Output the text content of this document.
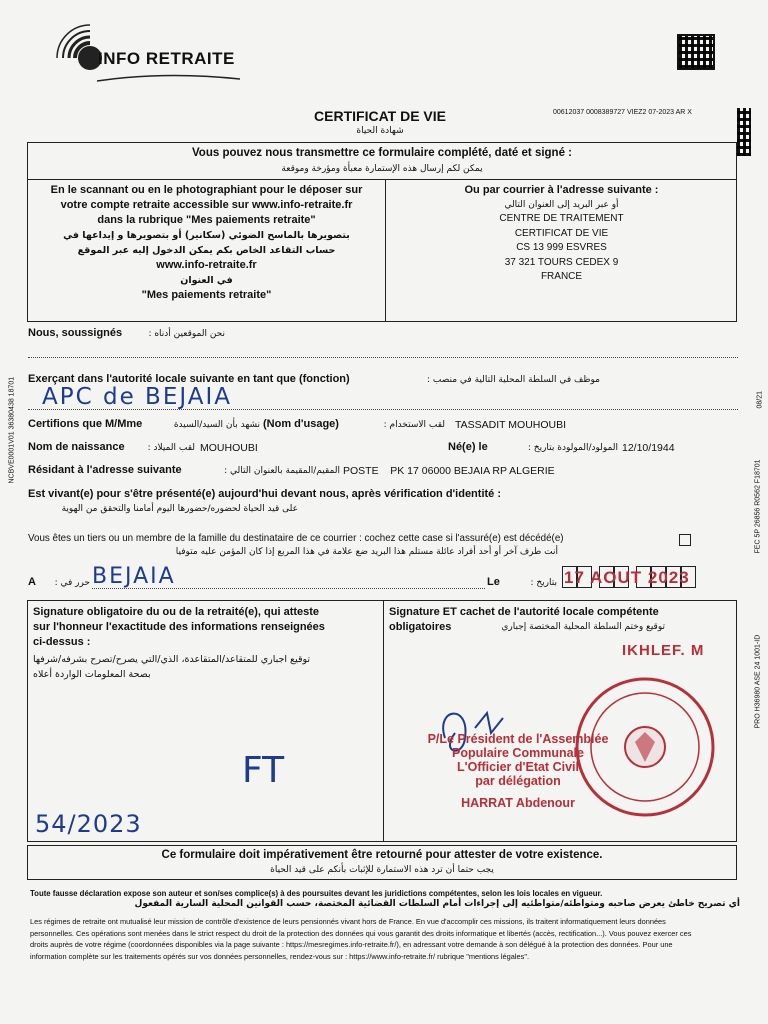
INFO RETRAITE
NCBVE0001V01 36380438 18701
FEC 5P 26856 R0562 F18701
PRO H36980 ASE 24 1001-ID
08/21
CERTIFICAT DE VIE
شهادة الحياة
00612037 0008389727 VIEZ2 07-2023 AR X
Vous pouvez nous transmettre ce formulaire complété, daté et signé :
يمكن لكم إرسال هذه الإستمارة معبأة ومؤرخة وموقعة
En le scannant ou en le photographiant pour le déposer sur
votre compte retraite accessible sur www.info-retraite.fr
dans la rubrique "Mes paiements retraite"
بتصويرها بالماسح الضوئي (سكانير) أو بتصويرها و إيداعها في
حساب التقاعد الخاص بكم يمكن الدخول إليه عبر الموقع
www.info-retraite.fr
في العنوان
"Mes paiements retraite"
Ou par courrier à l'adresse suivante :
أو عبر البريد إلى العنوان التالي
CENTRE DE TRAITEMENT
CERTIFICAT DE VIE
CS 13 999 ESVRES
37 321 TOURS CEDEX 9
FRANCE
Nous, soussignés	نحن الموقعين أدناه :
Exerçant dans l'autorité locale suivante en tant que (fonction)	موظف في السلطة المحلية التالية في منصب :
APC de BEJAIA
Certifions que M/Mme	نشهد بأن السيد/السيدة (Nom d'usage)	لقب الاستخدام : TASSADIT MOUHOUBI
Nom de naissance	لقب الميلاد : MOUHOUBI	Né(e) le	المولود/المولودة بتاريخ : 12/10/1944
Résidant à l'adresse suivante	المقيم/المقيمة بالعنوان التالي : POSTE    PK 17 06000 BEJAIA RP ALGERIE
Est vivant(e) pour s'être présenté(e) aujourd'hui devant nous, après vérification d'identité :
على قيد الحياة لحضوره/حضورها اليوم أمامنا والتحقق من الهوية
Vous êtes un tiers ou un membre de la famille du destinataire de ce courrier : cochez cette case si l'assuré(e) est décédé(e)
أنت طرف آخر أو أحد أفراد عائلة مستلم هذا البريد ضع علامة في هذا المربع إذا كان المؤمن عليه متوفيا
A	حرر في : BEJAIA	Le	بتاريخ : 17 AOUT 2023
Signature obligatoire du ou de la retraité(e), qui atteste
sur l'honneur l'exactitude des informations renseignées
ci-dessus :
توقيع اجباري للمتقاعد/المتقاعدة، الذي/التي يصرح/تصرح بشرفه/شرفها
بصحة المعلومات الواردة أعلاه
FT
54/2023
Signature ET cachet de l'autorité locale compétente
obligatoires	توقيع وختم السلطة المحلية المختصة إجباري
IKHLEF. M
P/Le Président de l'Assemblée
Populaire Communale
L'Officier d'Etat Civil
par délégation
HARRAT Abdenour
Ce formulaire doit impérativement être retourné pour attester de votre existence.
يجب حتما أن ترد هذه الاستمارة للإثبات بأنكم على قيد الحياة
Toute fausse déclaration expose son auteur et son/ses complice(s) à des poursuites devant les juridictions compétentes, selon les lois locales en vigueur.
أي تصريح خاطئ يعرض صاحبه ومتواطئه/متواطئيه إلى إجراءات أمام السلطات القضائية المختصة، حسب القوانين المحلية السارية المفعول
Les régimes de retraite ont mutualisé leur mission de contrôle d'existence de leurs pensionnés vivant hors de France. En vue d'accomplir ces missions, ils traitent informatiquement leurs données
personnelles. Ces opérations sont menées dans le strict respect du droit de la protection des données qui vous garantit des droits informatique et libertés (accès, rectification...). Vous pouvez exercer ces
droits auprès de votre régime (coordonnées disponibles via la page suivante : https://mesregimes.info-retraite.fr/), en adressant votre demande à son délégué à la protection des données. Pour une
information complète sur les traitements opérés sur vos données personnelles, rendez-vous sur : https://www.info-retraite.fr/ rubrique "mentions légales".
